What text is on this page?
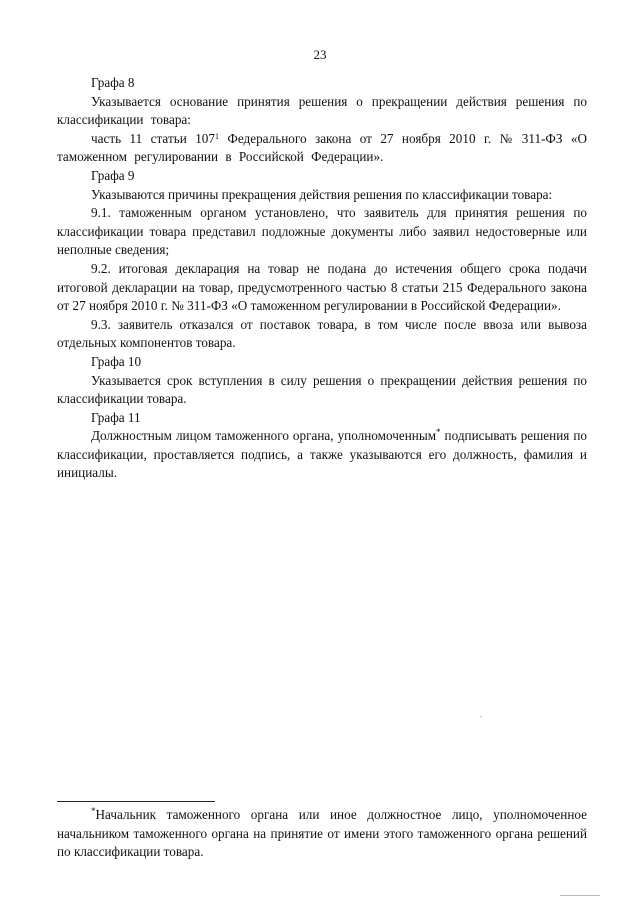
23

Графа 8

Указывается основание принятия решения о прекращении действия решения по классификации товара:

часть 11 статьи $107^1$ Федерального закона от 27 ноября 2010 г. № 311-ФЗ «О таможенном регулировании в Российской Федерации».

Графа 9

Указываются причины прекращения действия решения по классификации товара:

9.1. таможенным органом установлено, что заявитель для принятия решения по классификации товара представил подложные документы либо заявил недостоверные или неполные сведения;

9.2. итоговая декларация на товар не подана до истечения общего срока подачи итоговой декларации на товар, предусмотренного частью 8 статьи 215 Федерального закона от 27 ноября 2010 г. № 311-ФЗ «О таможенном регулировании в Российской Федерации».

9.3. заявитель отказался от поставок товара, в том числе после ввоза или вывоза отдельных компонентов товара.

Графа 10

Указывается срок вступления в силу решения о прекращении действия решения по классификации товара.

Графа 11

Должностным лицом таможенного органа, уполномоченным* подписывать решения по классификации, проставляется подпись, а также указываются его должность, фамилия и инициалы.

*Начальник таможенного органа или иное должностное лицо, уполномоченное начальником таможенного органа на принятие от имени этого таможенного органа решений по классификации товара.
